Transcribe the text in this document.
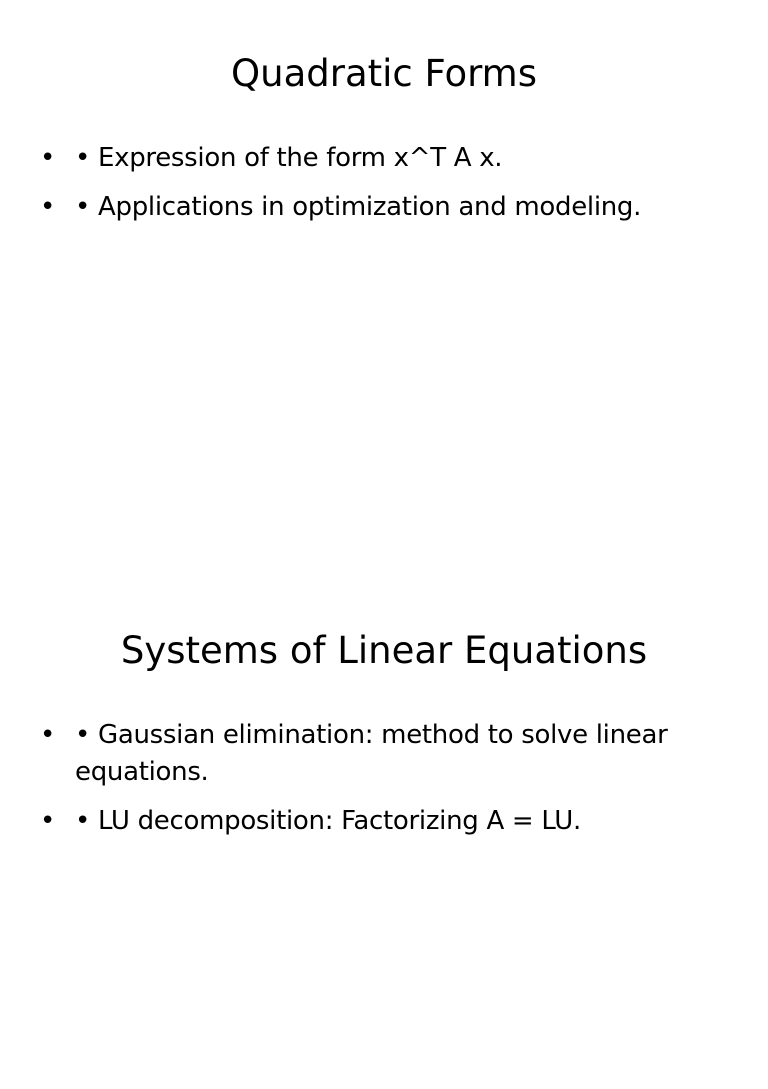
Quadratic Forms
• • Expression of the form x^T A x.
• • Applications in optimization and modeling.
Systems of Linear Equations
• • Gaussian elimination: method to solve linear equations.
• • LU decomposition: Factorizing A = LU.
